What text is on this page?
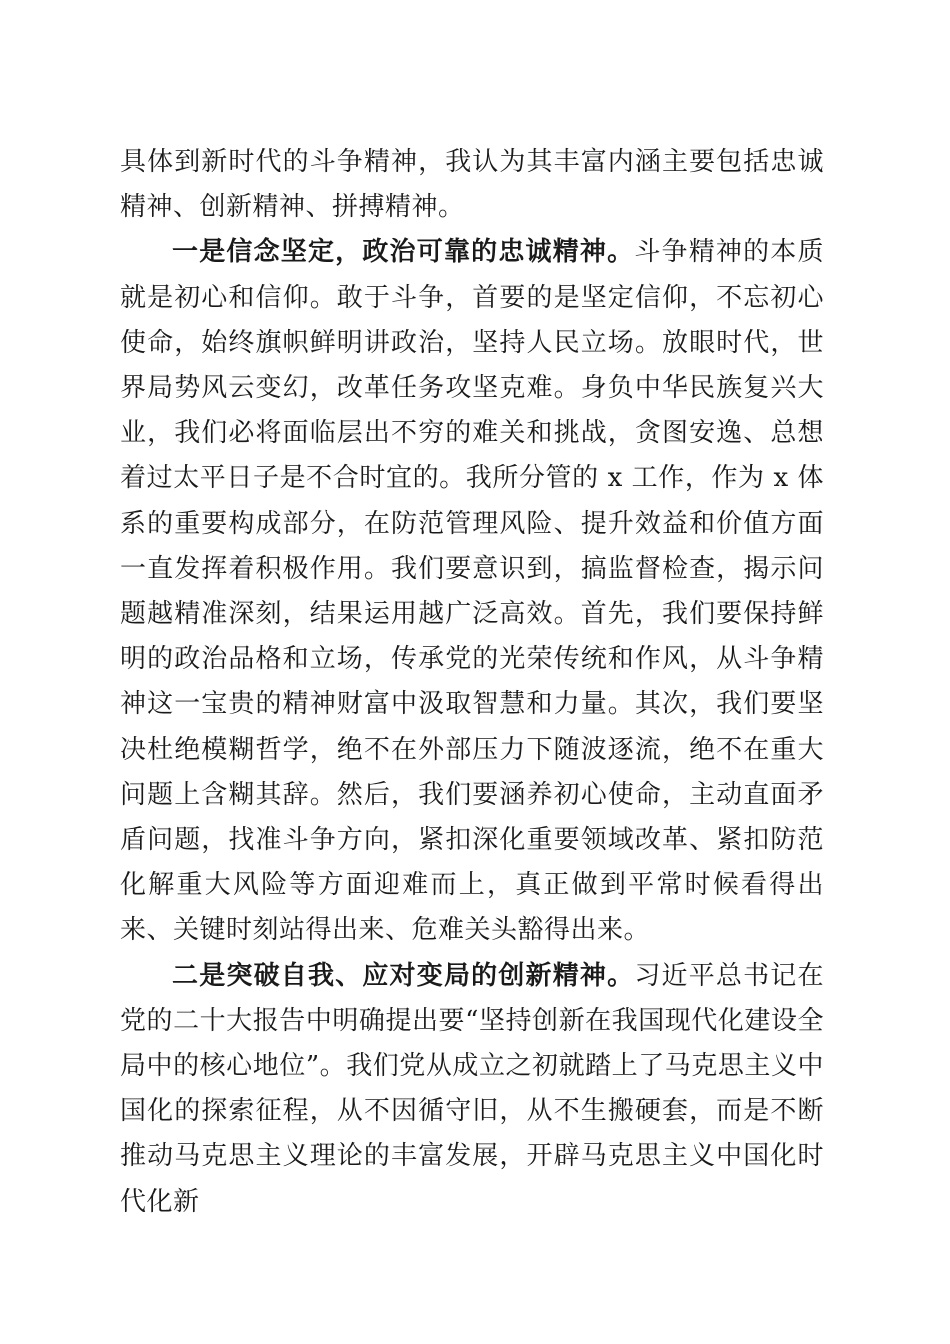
具体到新时代的斗争精神，我认为其丰富内涵主要包括忠诚精神、创新精神、拼搏精神。

一是信念坚定，政治可靠的忠诚精神。斗争精神的本质就是初心和信仰。敢于斗争，首要的是坚定信仰，不忘初心使命，始终旗帜鲜明讲政治，坚持人民立场。放眼时代，世界局势风云变幻，改革任务攻坚克难。身负中华民族复兴大业，我们必将面临层出不穷的难关和挑战，贪图安逸、总想着过太平日子是不合时宜的。我所分管的 x 工作，作为 x 体系的重要构成部分，在防范管理风险、提升效益和价值方面一直发挥着积极作用。我们要意识到，搞监督检查，揭示问题越精准深刻，结果运用越广泛高效。首先，我们要保持鲜明的政治品格和立场，传承党的光荣传统和作风，从斗争精神这一宝贵的精神财富中汲取智慧和力量。其次，我们要坚决杜绝模糊哲学，绝不在外部压力下随波逐流，绝不在重大问题上含糊其辞。然后，我们要涵养初心使命，主动直面矛盾问题，找准斗争方向，紧扣深化重要领域改革、紧扣防范化解重大风险等方面迎难而上，真正做到平常时候看得出来、关键时刻站得出来、危难关头豁得出来。

二是突破自我、应对变局的创新精神。习近平总书记在党的二十大报告中明确提出要“坚持创新在我国现代化建设全局中的核心地位”。我们党从成立之初就踏上了马克思主义中国化的探索征程，从不因循守旧，从不生搬硬套，而是不断推动马克思主义理论的丰富发展，开辟马克思主义中国化时代化新
